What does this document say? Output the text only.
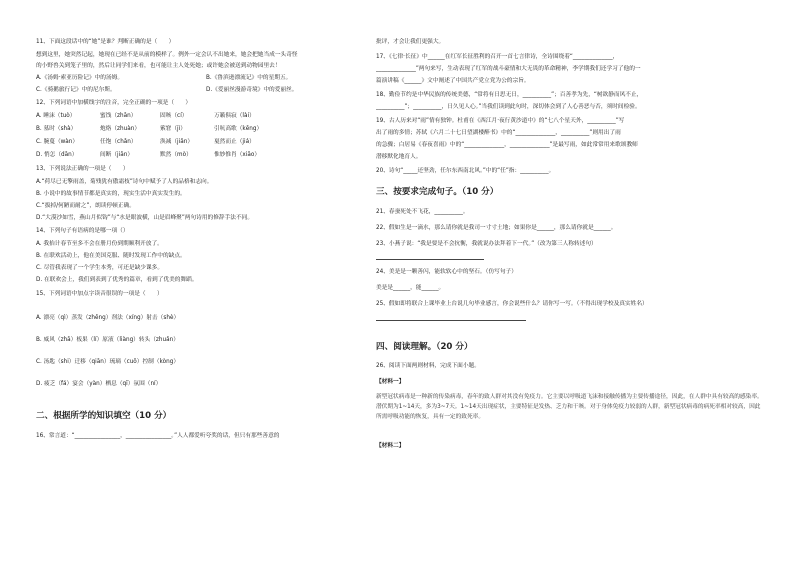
11、下面这段话中的“她”是谁？判断正确的是（　　）
想到这里，她突然记起，她现在已经不是从前的模样了。例外一定会认不出她来，她会把她当成一头奇怪
的小野兽关到笼子里的，然后让同学们来看，也可能让主人处死她；或许她会被送到动物园里去！
A.《汤姆·索亚历险记》中的汤姆。	B.《鲁滨逊漂流记》中的星期五。
C.《骑鹅旅行记》中的尼尔斯。	D.《爱丽丝漫游奇境》中的爱丽丝。
12、下列词语中加横线字的注音，完全正确的一项是（　　）
A. 睡沫（tuò）	蜜饯（zhān）	固咳（cí）	万籁俱寂（lài）
B. 墓时（shà）	炮烙（zhuàn）	萦窘（jì）	引吭高歌（kēng）
C. 腕蔓（wàn）	任饱（chǎn）	涣减（jiǎn）	戛然而止（jiá）
D. 悄怎（dān）	间断（jiān）	默然（mò）	惟妙惟肖（xiāo）
13、下列说法正确的一项是（　　）
A.“荷尽已无擎雨盖，菊残犹有傲霜枝”诗句中赋予了人的品格和志向。
B. 小说中的故事情节都是真实的，现实生活中真实发生的。
C.“拔掉/何陋而耐之”，朗读停顿正确。
D.“大漠沙如雪，燕山月似钩”与“水是眼波横，山是眉峰聚”两句诗用的修辞手法不同。
14、下列句子有语病的是哪一项（）
A. 我抬计春节至多不会在册月份到期顺利开放了。
B. 在联欢活动上，他在美国克服、随时发现工作中的缺点。
C. 尽管我表现了一个学生本秀，可还是缺少课多。
D. 在联欢会上，我们到表到了优秀的篇章，看到了优美的舞蹈。
15、下列词语中加点字读音很误的一项是（　　）
A. 漂亮（qì）蒸发（zhēng）剂法（xíng）射击（shè）
B. 威风（zhā）板果（lí）原液（liàng）转头（zhuǎn）
C. 汤匙（shi）迁移（qiān）琉璃（cuō）控制（kòng）
D. 疲乏（fá）宴会（yàn）栖息（qī）氛围（ní）
二、根据所学的知识填空（10 分）
16、常言道：“________________，________________。”人人都爱听夸奖的话，但只有那些善意的
批评，才会让我们更强大。
17、《七律·长征》中______在红军长征胜利的召开一首七言律诗，全诗围绕着“______________，
______________”两句来写，生动表现了红军的战斗豪情和大无畏的革命精神，李学期我们还学习了他的一
篇演讲稿《______》文中阐述了中国共产党立党为公的宗旨。
18、勤俭节约是中华民族的传统美德，“常将有日思无日，__________”；百善孝为先，“树欲静而风不止，
__________”；__________，日久见人心。”当我们读到此句时，深切体会到了人心善恶与否，须时间检验。
19、古人历来对“雨”情有独钟。杜甫在《西江月·夜行黄沙道中》的“七八个星天外，__________”写
出了雨的多情；苏轼《六月二十七日望湖楼醉书》中的“______________，__________”则用出了雨
的急骤；白居易《春夜喜雨》中的“______________，______________”是最写雨，如此常常用来歌颂教师
潜移默化地育人。
20、诗句“_____还坚劲，任尔东西南北风。”中的“任”指：__________。
三、按要求完成句子。（10 分）
21、春蚕死处不飞花，__________。
22、假如生是一滴水，那么请你就是我司一寸寸土地；如果你是______，那么请你就是______。
23、小燕子说：“我是要是不会抗衡，我就说办法拜着下一代。”（改为第三人称转述句）
24、美是是一颗善闪，能软软心中的坚石。（仿写句子）
美是是______，能______。
25、假如即将联合上课毕业上台说几句毕业感言，你会说些什么？请你写一写。（不得出现学校及真实姓名）
四、阅读理解。（20 分）
26、阅读下面两则材料，完成下面小题。
【材料一】
新型冠状病毒是一种新的传染病毒，春年的致人群对其没有免疫力。它主要以呼吸道飞沫和接触传播为主要传播途径，因此，在人群中具有较高的感染率。潜伏期为1~14天，多为3~7天。1~14天出现症状，主要特征是发热、乏力和干咳。对于身体免疫力较弱的人群，新型冠状病毒的病死率相对较高，因此所需呼吸功能的恢复，具有一定的致死率。
【材料二】
